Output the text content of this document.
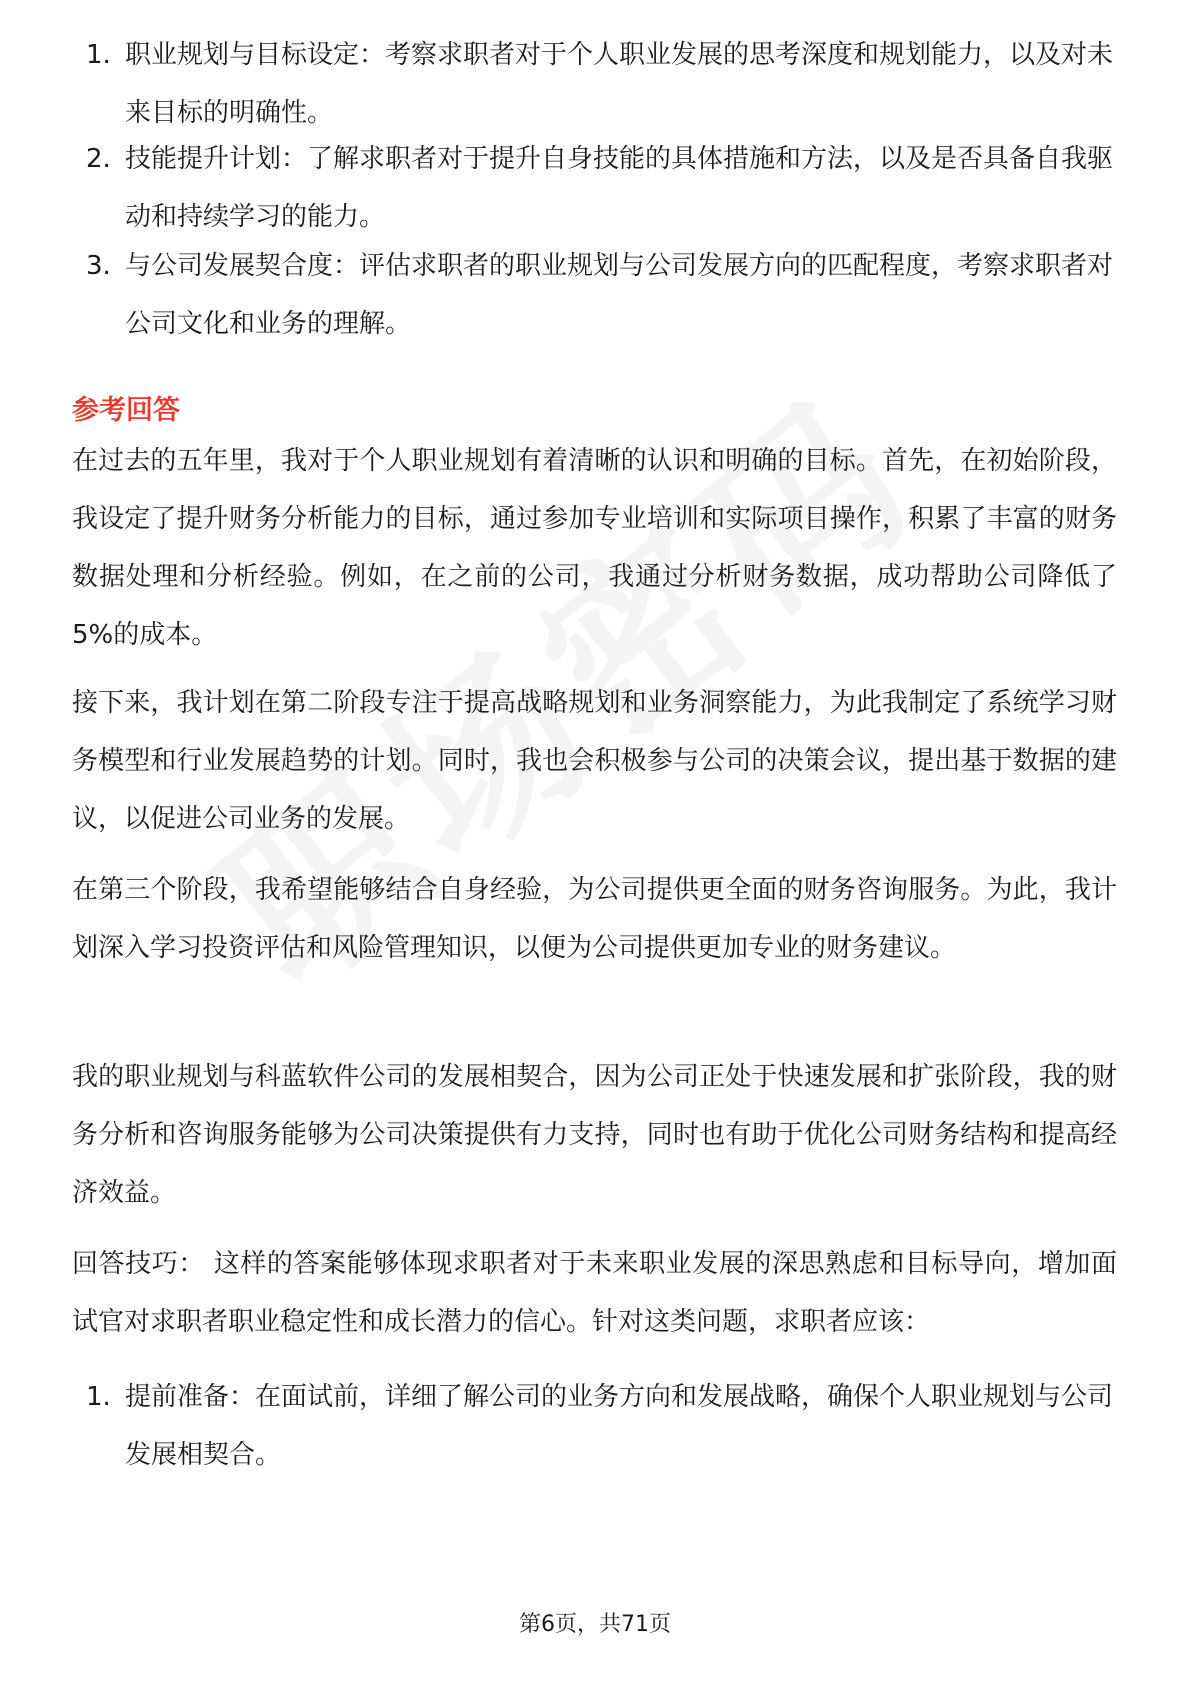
1. 职业规划与目标设定：考察求职者对于个人职业发展的思考深度和规划能力，以及对未来目标的明确性。
2. 技能提升计划：了解求职者对于提升自身技能的具体措施和方法，以及是否具备自我驱动和持续学习的能力。
3. 与公司发展契合度：评估求职者的职业规划与公司发展方向的匹配程度，考察求职者对公司文化和业务的理解。
参考回答
在过去的五年里，我对于个人职业规划有着清晰的认识和明确的目标。首先，在初始阶段，我设定了提升财务分析能力的目标，通过参加专业培训和实际项目操作，积累了丰富的财务数据处理和分析经验。例如，在之前的公司，我通过分析财务数据，成功帮助公司降低了5%的成本。
接下来，我计划在第二阶段专注于提高战略规划和业务洞察能力，为此我制定了系统学习财务模型和行业发展趋势的计划。同时，我也会积极参与公司的决策会议，提出基于数据的建议，以促进公司业务的发展。
在第三个阶段，我希望能够结合自身经验，为公司提供更全面的财务咨询服务。为此，我计划深入学习投资评估和风险管理知识，以便为公司提供更加专业的财务建议。
我的职业规划与科蓝软件公司的发展相契合，因为公司正处于快速发展和扩张阶段，我的财务分析和咨询服务能够为公司决策提供有力支持，同时也有助于优化公司财务结构和提高经济效益。
回答技巧： 这样的答案能够体现求职者对于未来职业发展的深思熟虑和目标导向，增加面试官对求职者职业稳定性和成长潜力的信心。针对这类问题，求职者应该：
1. 提前准备：在面试前，详细了解公司的业务方向和发展战略，确保个人职业规划与公司发展相契合。
第6页，共71页
